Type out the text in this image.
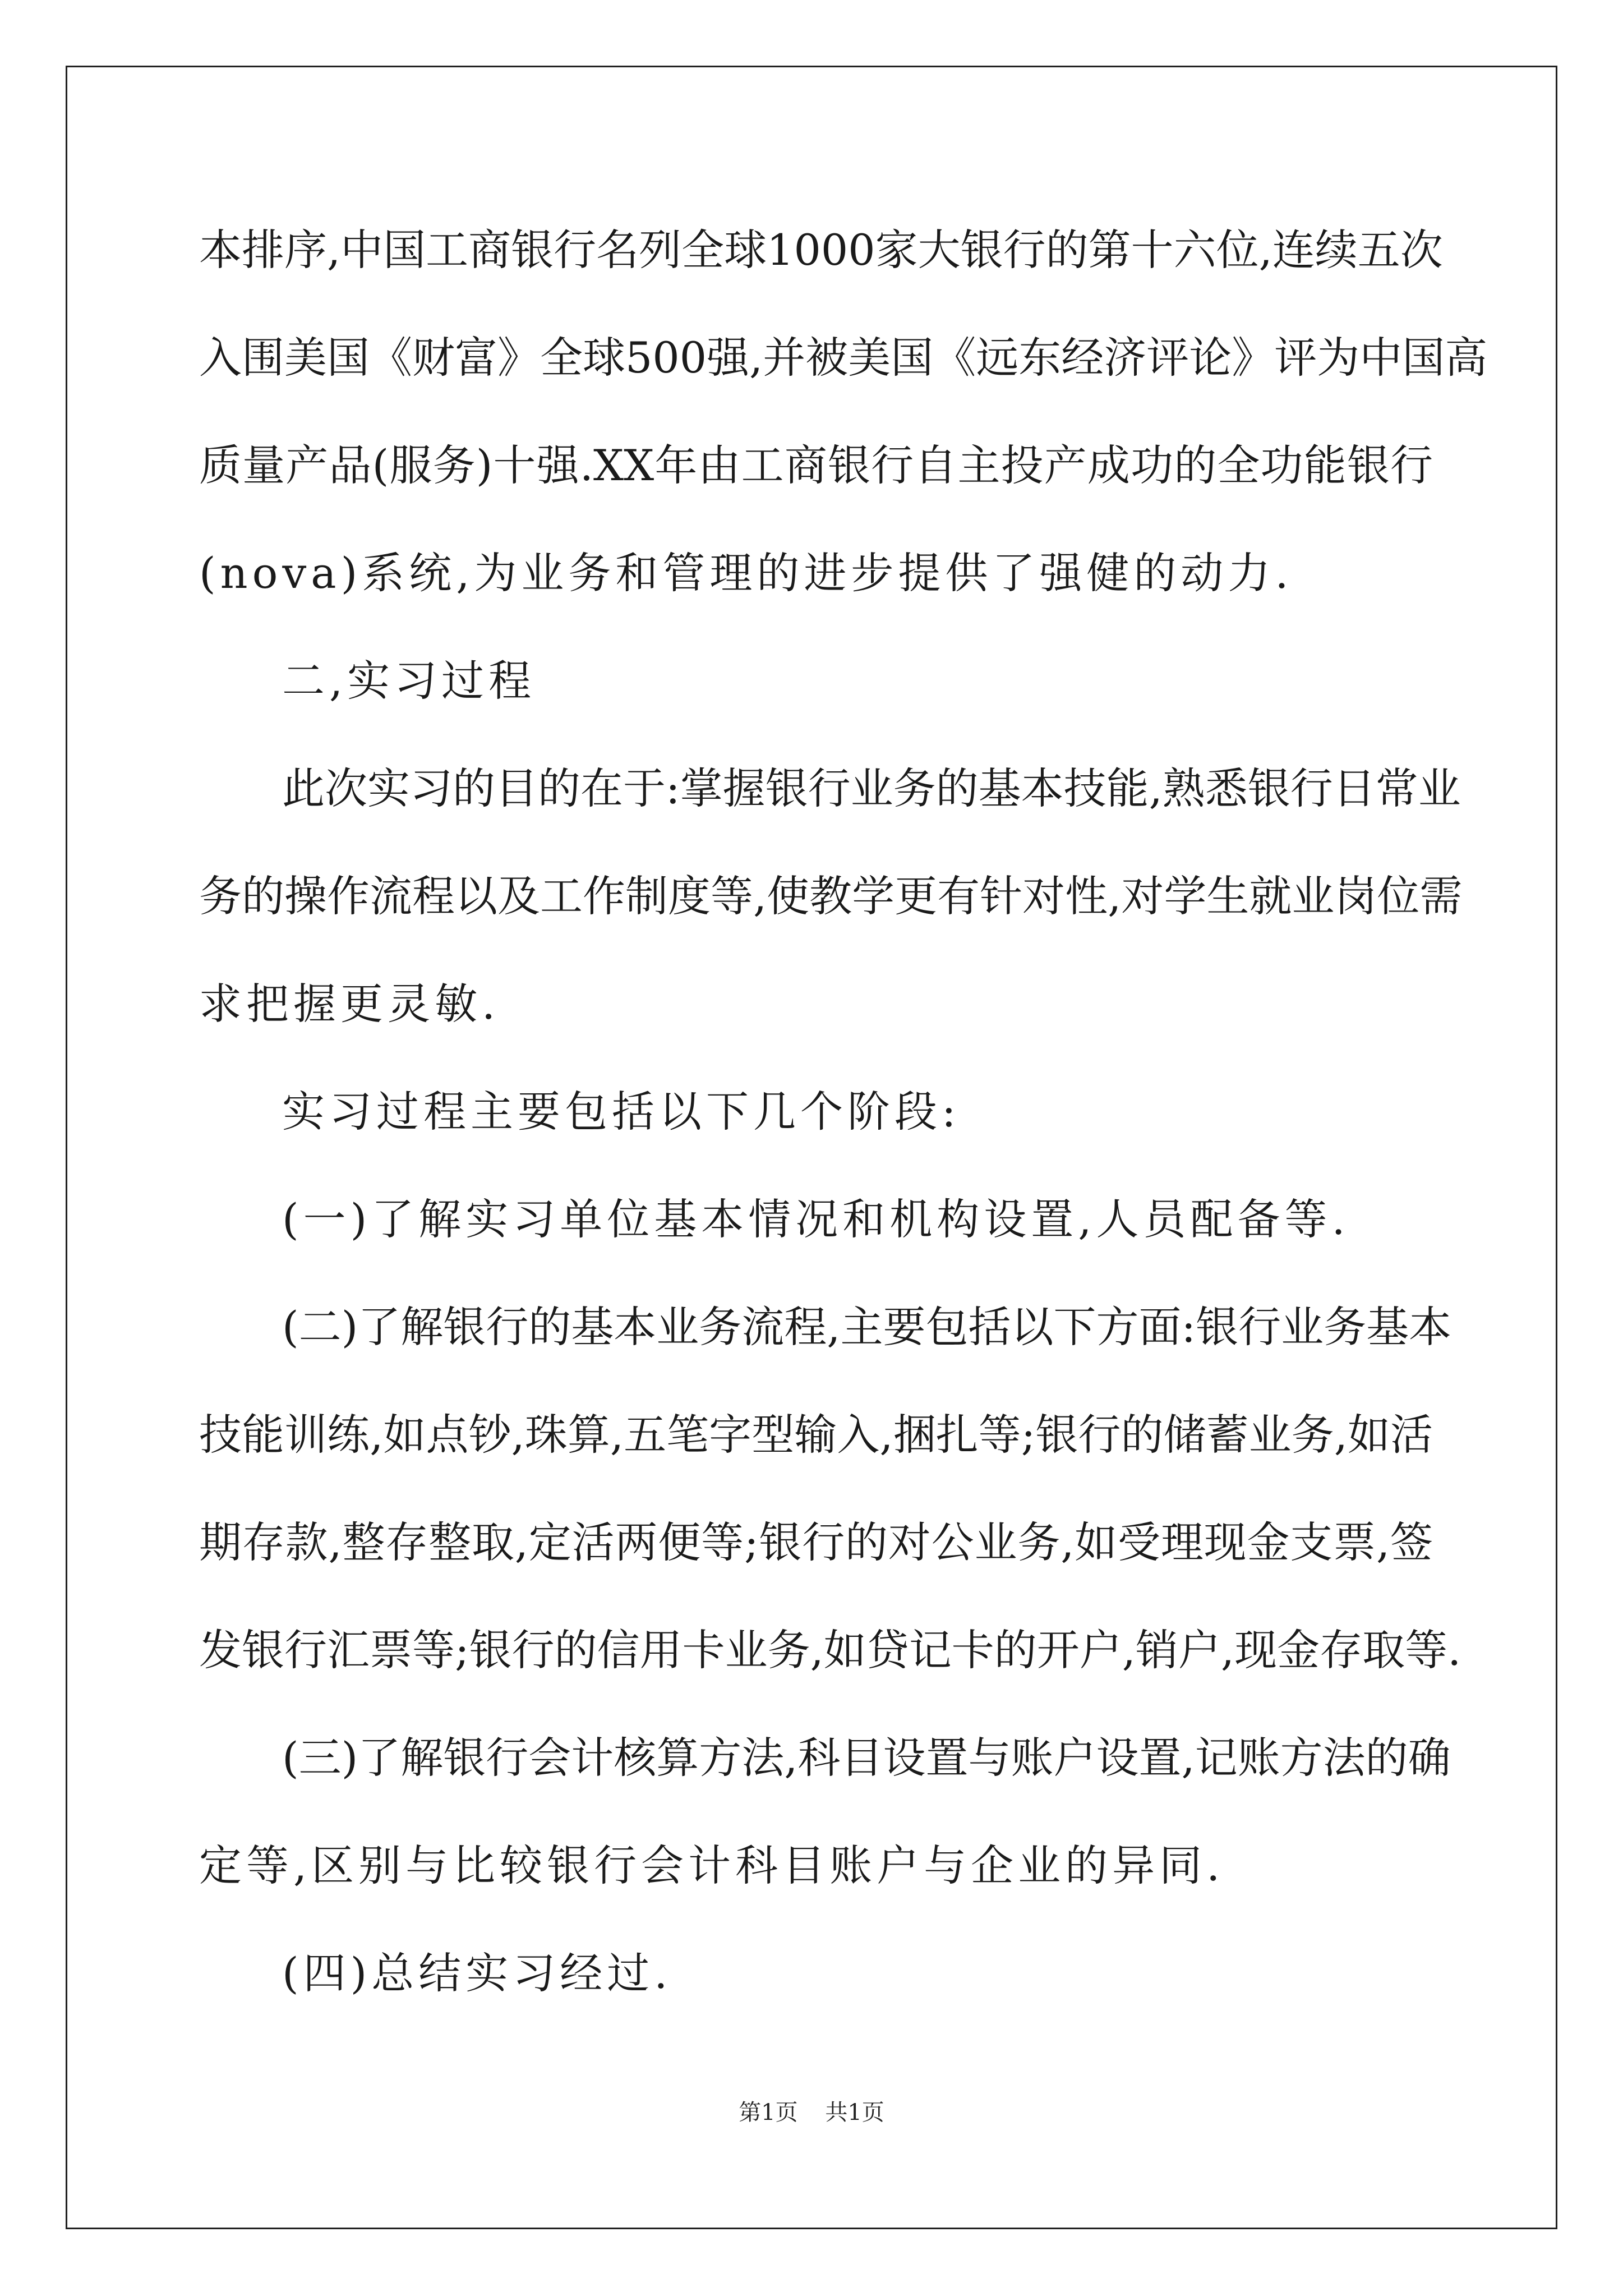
本排序,中国工商银行名列全球1000家大银行的第十六位,连续五次
入围美国《财富》全球500强,并被美国《远东经济评论》评为中国高
质量产品(服务)十强.XX年由工商银行自主投产成功的全功能银行
(nova)系统,为业务和管理的进步提供了强健的动力.
二,实习过程
此次实习的目的在于:掌握银行业务的基本技能,熟悉银行日常业
务的操作流程以及工作制度等,使教学更有针对性,对学生就业岗位需
求把握更灵敏.
实习过程主要包括以下几个阶段:
(一)了解实习单位基本情况和机构设置,人员配备等.
(二)了解银行的基本业务流程,主要包括以下方面:银行业务基本
技能训练,如点钞,珠算,五笔字型输入,捆扎等;银行的储蓄业务,如活
期存款,整存整取,定活两便等;银行的对公业务,如受理现金支票,签
发银行汇票等;银行的信用卡业务,如贷记卡的开户,销户,现金存取等.
(三)了解银行会计核算方法,科目设置与账户设置,记账方法的确
定等,区别与比较银行会计科目账户与企业的异同.
(四)总结实习经过.
第1页 共1页
